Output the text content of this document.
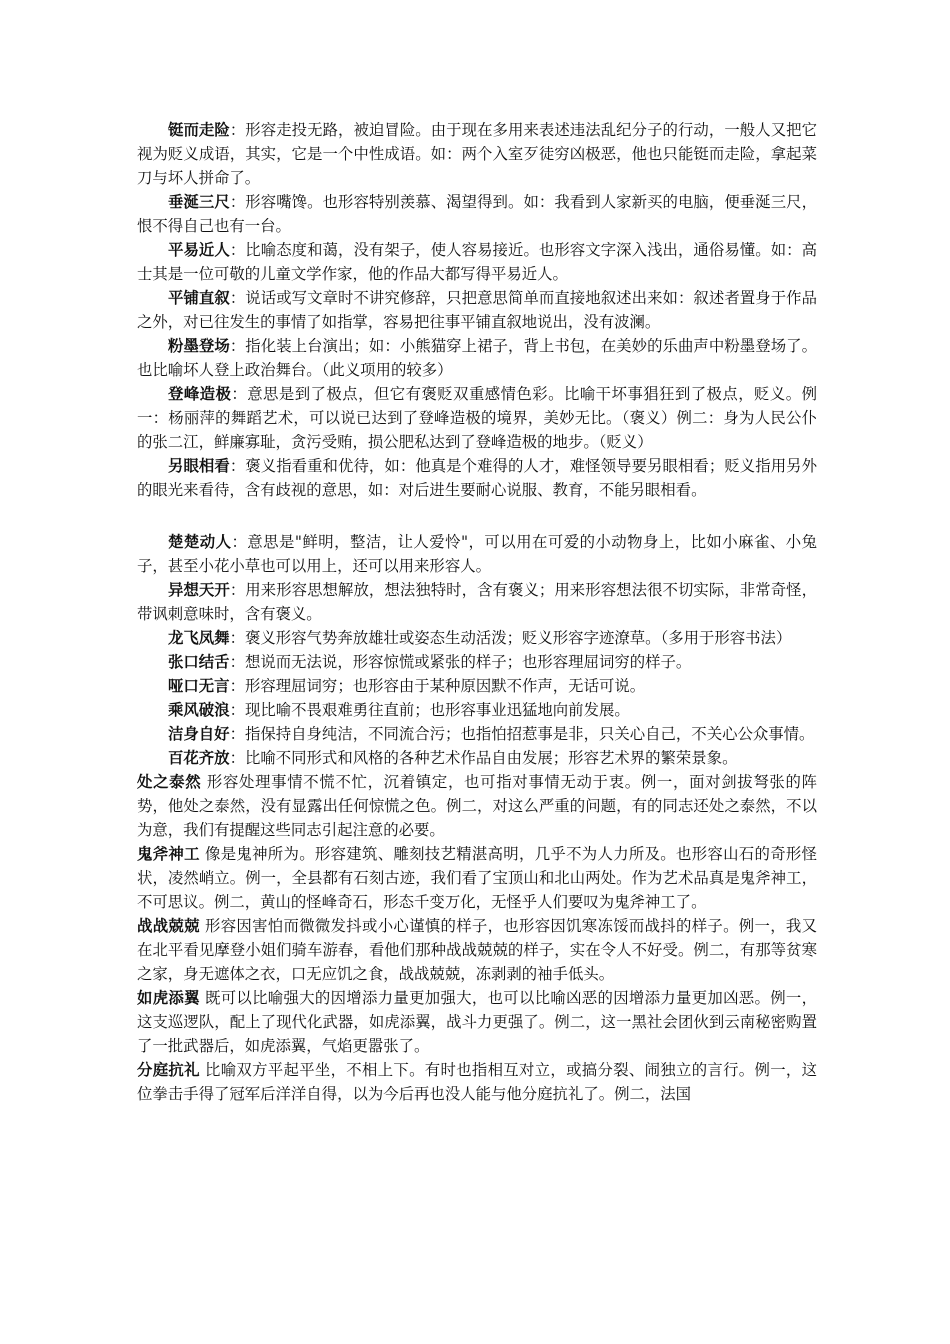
铤而走险：形容走投无路，被迫冒险。由于现在多用来表述违法乱纪分子的行动，一般人又把它视为贬义成语，其实，它是一个中性成语。如：两个入室歹徒穷凶极恶，他也只能铤而走险，拿起菜刀与坏人拼命了。

垂涎三尺：形容嘴馋。也形容特别羡慕、渴望得到。如：我看到人家新买的电脑，便垂涎三尺，恨不得自己也有一台。

平易近人：比喻态度和蔼，没有架子，使人容易接近。也形容文字深入浅出，通俗易懂。如：高士其是一位可敬的儿童文学作家，他的作品大都写得平易近人。

平铺直叙：说话或写文章时不讲究修辞，只把意思简单而直接地叙述出来如：叙述者置身于作品之外，对已往发生的事情了如指掌，容易把往事平铺直叙地说出，没有波澜。

粉墨登场：指化装上台演出；如：小熊猫穿上裙子，背上书包，在美妙的乐曲声中粉墨登场了。也比喻坏人登上政治舞台。（此义项用的较多）

登峰造极：意思是到了极点，但它有褒贬双重感情色彩。比喻干坏事猖狂到了极点，贬义。例一：杨丽萍的舞蹈艺术，可以说已达到了登峰造极的境界，美妙无比。（褒义）例二：身为人民公仆的张二江，鲜廉寡耻，贪污受贿，损公肥私达到了登峰造极的地步。（贬义）

另眼相看：褒义指看重和优待，如：他真是个难得的人才，难怪领导要另眼相看；贬义指用另外的眼光来看待，含有歧视的意思，如：对后进生要耐心说服、教育，不能另眼相看。

楚楚动人：意思是"鲜明，整洁，让人爱怜"，可以用在可爱的小动物身上，比如小麻雀、小兔子，甚至小花小草也可以用上，还可以用来形容人。

异想天开：用来形容思想解放，想法独特时，含有褒义；用来形容想法很不切实际，非常奇怪，带讽刺意味时，含有褒义。

龙飞凤舞：褒义形容气势奔放雄壮或姿态生动活泼；贬义形容字迹潦草。（多用于形容书法）

张口结舌：想说而无法说，形容惊慌或紧张的样子；也形容理屈词穷的样子。

哑口无言：形容理屈词穷；也形容由于某种原因默不作声，无话可说。

乘风破浪：现比喻不畏艰难勇往直前；也形容事业迅猛地向前发展。

洁身自好：指保持自身纯洁，不同流合污；也指怕招惹事是非，只关心自己，不关心公众事情。

百花齐放：比喻不同形式和风格的各种艺术作品自由发展；形容艺术界的繁荣景象。

处之泰然 形容处理事情不慌不忙，沉着镇定，也可指对事情无动于衷。例一，面对剑拔弩张的阵势，他处之泰然，没有显露出任何惊慌之色。例二，对这么严重的问题，有的同志还处之泰然，不以为意，我们有提醒这些同志引起注意的必要。

鬼斧神工 像是鬼神所为。形容建筑、雕刻技艺精湛高明，几乎不为人力所及。也形容山石的奇形怪状，凌然峭立。例一，全县都有石刻古迹，我们看了宝顶山和北山两处。作为艺术品真是鬼斧神工，不可思议。例二，黄山的怪峰奇石，形态千变万化，无怪乎人们要叹为鬼斧神工了。

战战兢兢 形容因害怕而微微发抖或小心谨慎的样子，也形容因饥寒冻馁而战抖的样子。例一，我又在北平看见摩登小姐们骑车游春，看他们那种战战兢兢的样子，实在令人不好受。例二，有那等贫寒之家，身无遮体之衣，口无应饥之食，战战兢兢，冻剥剥的袖手低头。

如虎添翼 既可以比喻强大的因增添力量更加强大，也可以比喻凶恶的因增添力量更加凶恶。例一，这支巡逻队，配上了现代化武器，如虎添翼，战斗力更强了。例二，这一黑社会团伙到云南秘密购置了一批武器后，如虎添翼，气焰更嚣张了。

分庭抗礼 比喻双方平起平坐，不相上下。有时也指相互对立，或搞分裂、闹独立的言行。例一，这位拳击手得了冠军后洋洋自得，以为今后再也没人能与他分庭抗礼了。例二，法国
